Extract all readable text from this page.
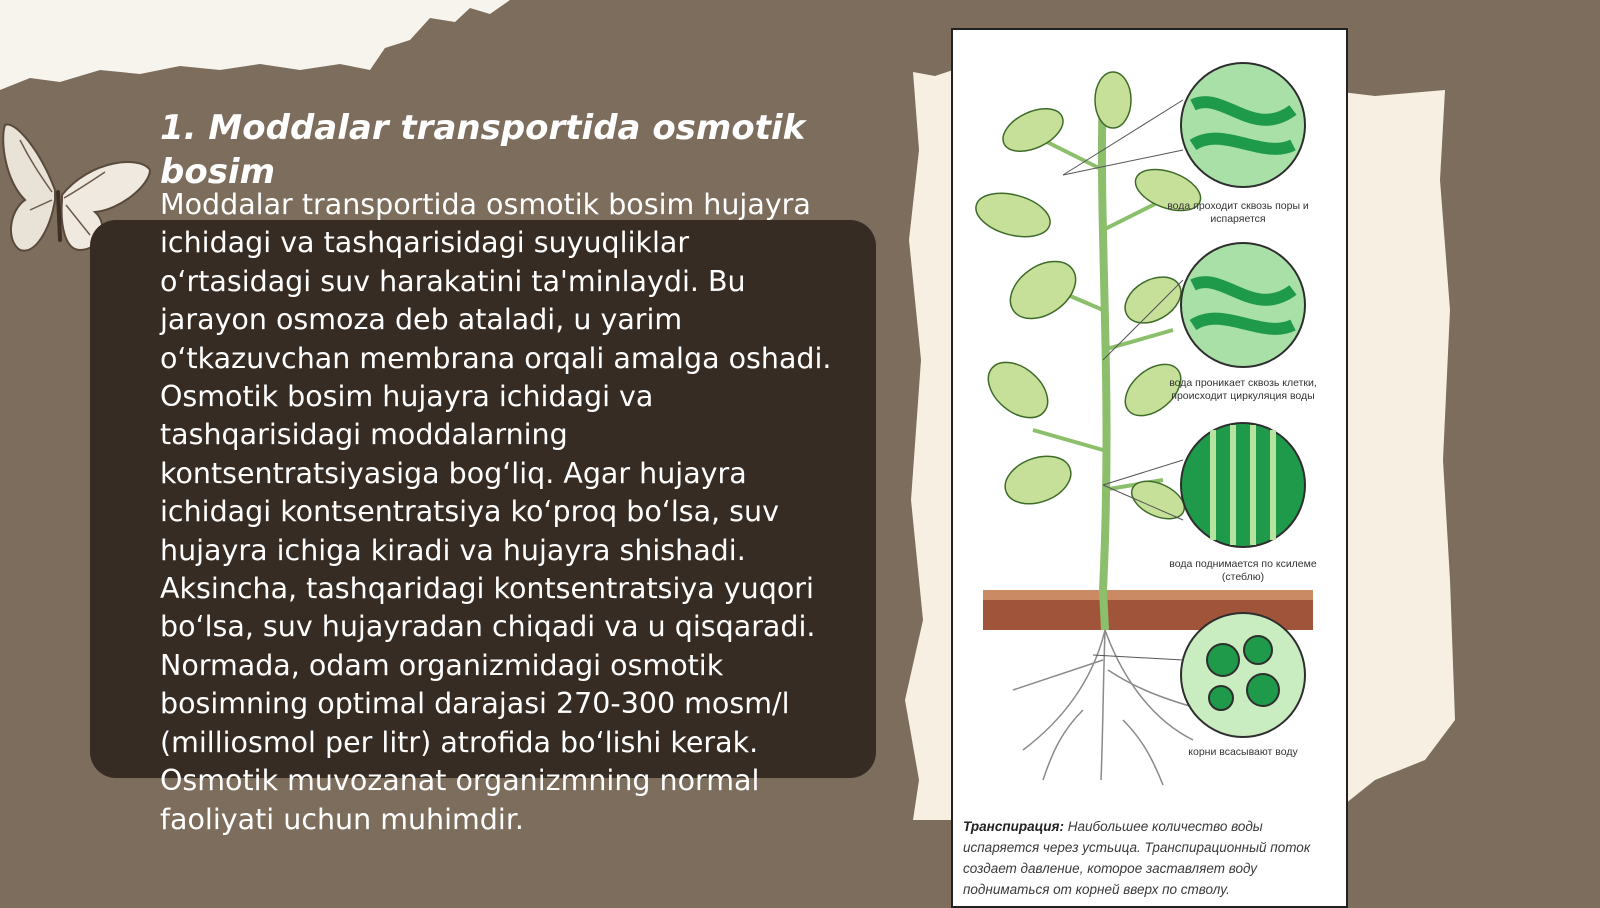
1. Moddalar transportida osmotik bosim

Moddalar transportida osmotik bosim hujayra ichidagi va tashqarisidagi suyuqliklar o‘rtasidagi suv harakatini ta'minlaydi. Bu jarayon osmoza deb ataladi, u yarim o‘tkazuvchan membrana orqali amalga oshadi. Osmotik bosim hujayra ichidagi va tashqarisidagi moddalarning kontsentratsiyasiga bog‘liq. Agar hujayra ichidagi kontsentratsiya ko‘proq bo‘lsa, suv hujayra ichiga kiradi va hujayra shishadi. Aksincha, tashqaridagi kontsentratsiya yuqori bo‘lsa, suv hujayradan chiqadi va u qisqaradi. Normada, odam organizmidagi osmotik bosimning optimal darajasi 270-300 mosm/l (milliosmol per litr) atrofida bo‘lishi kerak. Osmotik muvozanat organizmning normal faoliyati uchun muhimdir.

вода проходит сквозь поры и испаряется
вода проникает сквозь клетки, происходит циркуляция воды
вода поднимается по ксилеме (стеблю)
корни всасывают воду
Транспирация: Наибольшее количество воды испаряется через устьица. Транспирационный поток создает давление, которое заставляет воду подниматься от корней вверх по стволу.
